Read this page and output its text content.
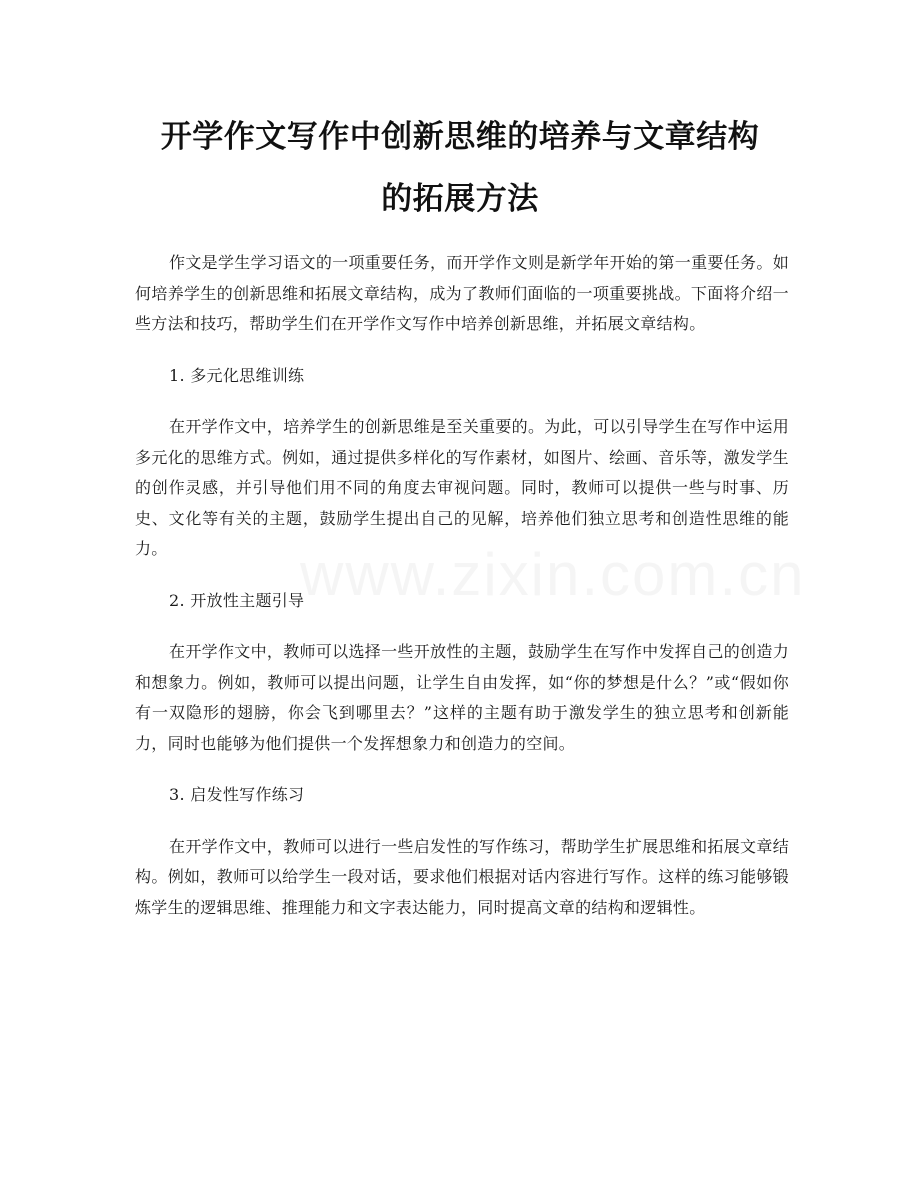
www.zixin.com.cn
开学作文写作中创新思维的培养与文章结构
的拓展方法

作文是学生学习语文的一项重要任务，而开学作文则是新学年开始的第一重要任务。如何培养学生的创新思维和拓展文章结构，成为了教师们面临的一项重要挑战。下面将介绍一些方法和技巧，帮助学生们在开学作文写作中培养创新思维，并拓展文章结构。

1. 多元化思维训练

在开学作文中，培养学生的创新思维是至关重要的。为此，可以引导学生在写作中运用多元化的思维方式。例如，通过提供多样化的写作素材，如图片、绘画、音乐等，激发学生的创作灵感，并引导他们用不同的角度去审视问题。同时，教师可以提供一些与时事、历史、文化等有关的主题，鼓励学生提出自己的见解，培养他们独立思考和创造性思维的能力。

2. 开放性主题引导

在开学作文中，教师可以选择一些开放性的主题，鼓励学生在写作中发挥自己的创造力和想象力。例如，教师可以提出问题，让学生自由发挥，如“你的梦想是什么？”或“假如你有一双隐形的翅膀，你会飞到哪里去？”这样的主题有助于激发学生的独立思考和创新能力，同时也能够为他们提供一个发挥想象力和创造力的空间。

3. 启发性写作练习

在开学作文中，教师可以进行一些启发性的写作练习，帮助学生扩展思维和拓展文章结构。例如，教师可以给学生一段对话，要求他们根据对话内容进行写作。这样的练习能够锻炼学生的逻辑思维、推理能力和文字表达能力，同时提高文章的结构和逻辑性。
